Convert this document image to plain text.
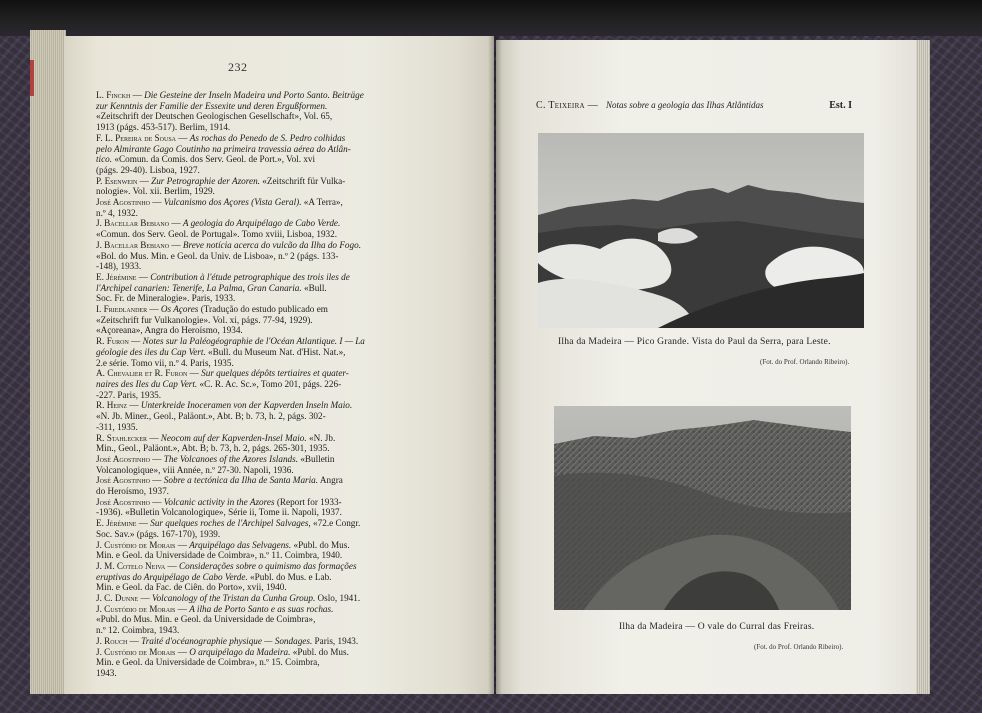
232

L. Finckh — Die Gesteine der Inseln Madeira und Porto Santo. Beiträge

zur Kenntnis der Familie der Essexite und deren Ergußformen.

«Zeitschrift der Deutschen Geologischen Gesellschaft», Vol. 65,

1913 (págs. 453-517). Berlim, 1914.

F. L. Pereira de Sousa — As rochas do Penedo de S. Pedro colhidas

pelo Almirante Gago Coutinho na primeira travessia aérea do Atlân-

tico. «Comun. da Comis. dos Serv. Geol. de Port.», Vol. xvi

(págs. 29-40). Lisboa, 1927.

P. Esenwein — Zur Petrographie der Azoren. «Zeitschrift für Vulka-

nologie». Vol. xii. Berlim, 1929.

José Agostinho — Vulcanismo dos Açores (Vista Geral). «A Terra»,

n.º 4, 1932.

J. Bacellar Bebiano — A geologia do Arquipélago de Cabo Verde.

«Comun. dos Serv. Geol. de Portugal». Tomo xviii, Lisboa, 1932.

J. Bacellar Bebiano — Breve notícia acerca do vulcão da Ilha do Fogo.

«Bol. do Mus. Min. e Geol. da Univ. de Lisboa», n.º 2 (págs. 133-

-148), 1933.

E. Jérémine — Contribution à l'étude petrographique des trois iles de

l'Archipel canarien: Tenerife, La Palma, Gran Canaria. «Bull.

Soc. Fr. de Mineralogie». Paris, 1933.

I. Friedlander — Os Açores (Tradução do estudo publicado em

«Zeitschrift fur Vulkanologie». Vol. xi, págs. 77-94, 1929).

«Açoreana», Angra do Heroísmo, 1934.

R. Furon — Notes sur la Paléogéographie de l'Océan Atlantique. I — La

géologie des iles du Cap Vert. «Bull. du Museum Nat. d'Hist. Nat.»,

2.e série. Tomo vii, n.º 4. Paris, 1935.

A. Chevalier et R. Furon — Sur quelques dépôts tertiaires et quater-

naires des Iles du Cap Vert. «C. R. Ac. Sc.», Tomo 201, págs. 226-

-227. Paris, 1935.

R. Heinz — Unterkreide Inoceramen von der Kapverden Inseln Maio.

«N. Jb. Miner., Geol., Paläont.», Abt. B; b. 73, h. 2, págs. 302-

-311, 1935.

R. Stahlecker — Neocom auf der Kapverden-Insel Maio. «N. Jb.

Min., Geol., Paläont.», Abt. B; b. 73, h. 2, págs. 265-301, 1935.

José Agostinho — The Volcanoes of the Azores Islands. «Bulletin

Volcanologique», viii Année, n.º 27-30. Napoli, 1936.

José Agostinho — Sobre a tectónica da Ilha de Santa Maria. Angra

do Heroísmo, 1937.

José Agostinho — Volcanic activity in the Azores (Report for 1933-

-1936). «Bulletin Volcanologique», Série ii, Tome ii. Napoli, 1937.

E. Jérémine — Sur quelques roches de l'Archipel Salvages, «72.e Congr.

Soc. Sav.» (págs. 167-170), 1939.

J. Custódio de Morais — Arquipélago das Selvagens. «Publ. do Mus.

Min. e Geol. da Universidade de Coimbra», n.º 11. Coimbra, 1940.

J. M. Cotelo Neiva — Considerações sobre o quimismo das formações

eruptivas do Arquipélago de Cabo Verde. «Publ. do Mus. e Lab.

Min. e Geol. da Fac. de Ciên. do Porto», xvii, 1940.

J. C. Dunne — Volcanology of the Tristan da Cunha Group. Oslo, 1941.

J. Custódio de Morais — A ilha de Porto Santo e as suas rochas.

«Publ. do Mus. Min. e Geol. da Universidade de Coimbra»,

n.º 12. Coimbra, 1943.

J. Rouch — Traité d'océanographie physique — Sondages. Paris, 1943.

J. Custódio de Morais — O arquipélago da Madeira. «Publ. do Mus.

Min. e Geol. da Universidade de Coimbra», n.º 15. Coimbra,

1943.

C. Teixeira — Notas sobre a geologia das Ilhas Atlântidas	Est. I
Ilha da Madeira — Pico Grande. Vista do Paul da Serra, para Leste.
(Fot. do Prof. Orlando Ribeiro).
Ilha da Madeira — O vale do Curral das Freiras.
(Fot. do Prof. Orlando Ribeiro).
